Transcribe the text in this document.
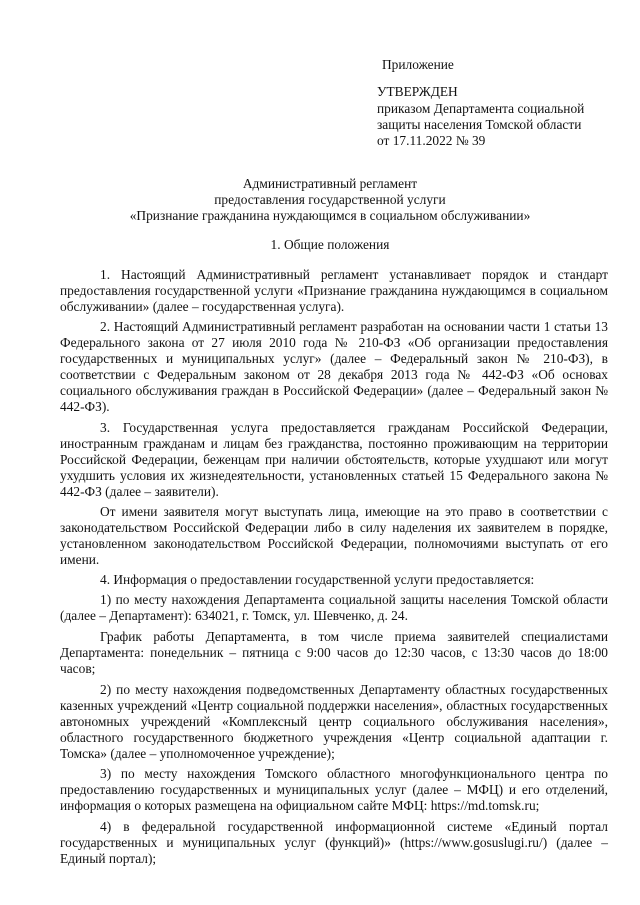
Приложение
УТВЕРЖДЕН
приказом Департамента социальной
защиты населения Томской области
от 17.11.2022 № 39
Административный регламент
предоставления государственной услуги
«Признание гражданина нуждающимся в социальном обслуживании»
1. Общие положения

1. Настоящий Административный регламент устанавливает порядок и стандарт предоставления государственной услуги «Признание гражданина нуждающимся в социальном обслуживании» (далее – государственная услуга).

2. Настоящий Административный регламент разработан на основании части 1 статьи 13 Федерального закона от 27 июля 2010 года № 210-ФЗ «Об организации предоставления государственных и муниципальных услуг» (далее – Федеральный закон № 210-ФЗ), в соответствии с Федеральным законом от 28 декабря 2013 года № 442-ФЗ «Об основах социального обслуживания граждан в Российской Федерации» (далее – Федеральный закон № 442-ФЗ).

3. Государственная услуга предоставляется гражданам Российской Федерации, иностранным гражданам и лицам без гражданства, постоянно проживающим на территории Российской Федерации, беженцам при наличии обстоятельств, которые ухудшают или могут ухудшить условия их жизнедеятельности, установленных статьей 15 Федерального закона № 442-ФЗ (далее – заявители).

От имени заявителя могут выступать лица, имеющие на это право в соответствии с законодательством Российской Федерации либо в силу наделения их заявителем в порядке, установленном законодательством Российской Федерации, полномочиями выступать от его имени.

4. Информация о предоставлении государственной услуги предоставляется:

1) по месту нахождения Департамента социальной защиты населения Томской области (далее – Департамент): 634021, г. Томск, ул. Шевченко, д. 24.

График работы Департамента, в том числе приема заявителей специалистами Департамента: понедельник – пятница с 9:00 часов до 12:30 часов, с 13:30 часов до 18:00 часов;

2) по месту нахождения подведомственных Департаменту областных государственных казенных учреждений «Центр социальной поддержки населения», областных государственных автономных учреждений «Комплексный центр социального обслуживания населения», областного государственного бюджетного учреждения «Центр социальной адаптации г. Томска» (далее – уполномоченное учреждение);

3) по месту нахождения Томского областного многофункционального центра по предоставлению государственных и муниципальных услуг (далее – МФЦ) и его отделений, информация о которых размещена на официальном сайте МФЦ: https://md.tomsk.ru;

4) в федеральной государственной информационной системе «Единый портал государственных и муниципальных услуг (функций)» (https://www.gosuslugi.ru/) (далее – Единый портал);
